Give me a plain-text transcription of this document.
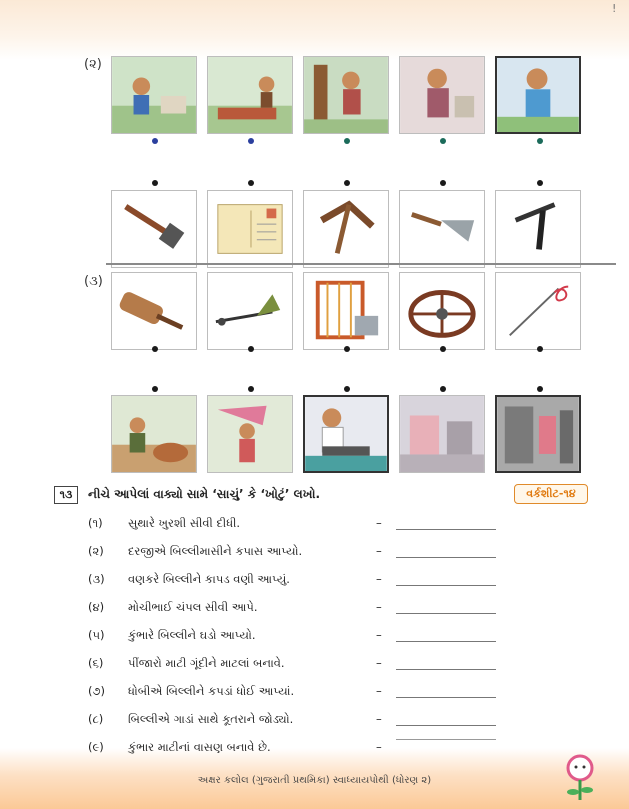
!
(૨)
(૩)
૧૩	નીચે આપેલાં વાક્યો સામે ‘સાચું’ કે ‘ખોટું’ લખો.	વર્કશીટ-૧૪
(૧) સુથારે ખુરશી સીવી દીધી.	–
(૨) દરજીએ બિલ્લીમાસીને કપાસ આપ્યો.	–
(૩) વણકરે બિલ્લીને કાપડ વણી આપ્યું.	–
(૪) મોચીભાઈ ચંપલ સીવી આપે.	–
(૫) કુંભારે બિલ્લીને ઘડો આપ્યો.	–
(૬) પીંજારો માટી ગૂંદીને માટલાં બનાવે.	–
(૭) ધોબીએ બિલ્લીને કપડાં ધોઈ આપ્યાં.	–
(૮) બિલ્લીએ ગાડાં સાથે કૂતરાને જોડ્યો.	–
(૯) કુંભાર માટીનાં વાસણ બનાવે છે.	–
અક્ષર કલોલ (ગુજરાતી પ્રથમિકા) સ્વાધ્યાયપોથી (ધોરણ ૨)
